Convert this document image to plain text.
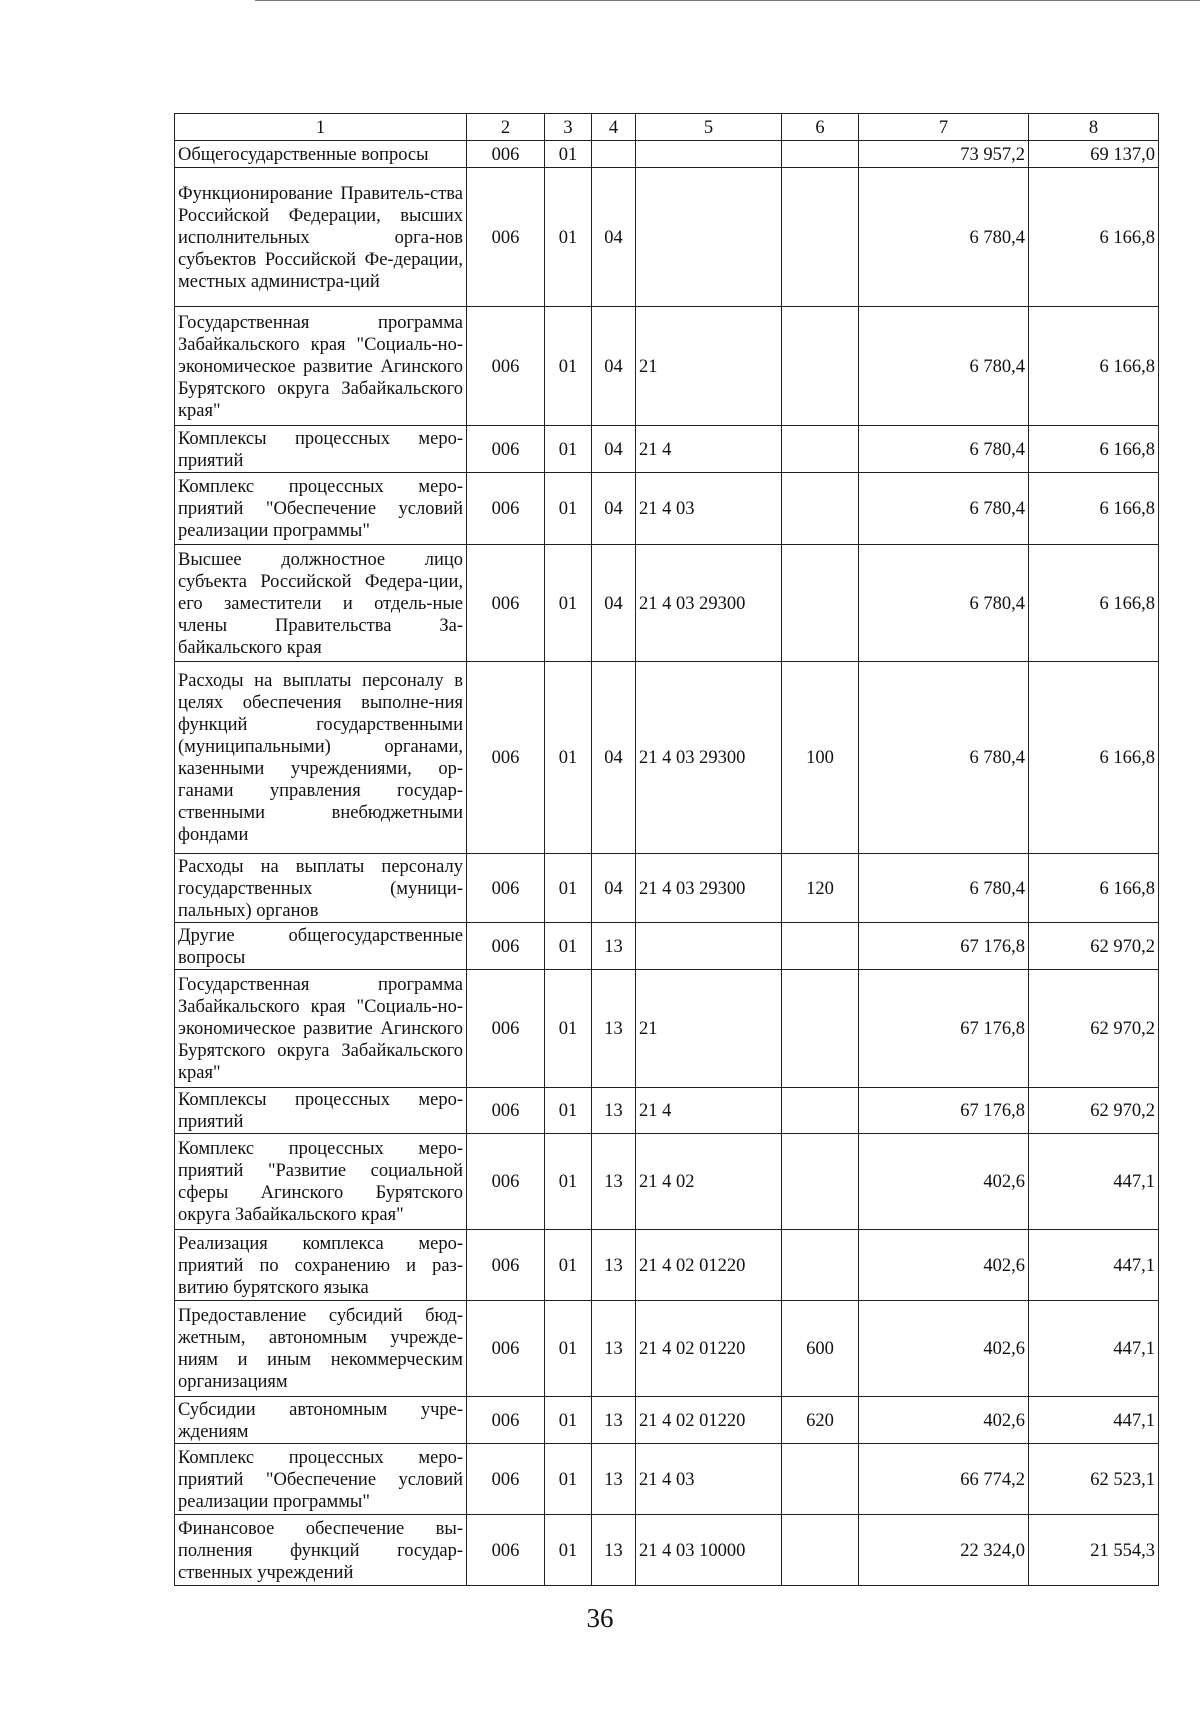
1	2	3	4	5	6	7	8
Общегосударственные вопросы	006	01				73 957,2	69 137,0
Функционирование Правитель-ства Российской Федерации, высших исполнительных орга-нов субъектов Российской Фе-дерации, местных администра-ций	006	01	04			6 780,4	6 166,8
Государственная программа Забайкальского края "Социаль-но-экономическое развитие Агинского Бурятского округа Забайкальского края"	006	01	04	21		6 780,4	6 166,8
Комплексы процессных меро-приятий	006	01	04	21 4		6 780,4	6 166,8
Комплекс процессных меро-приятий "Обеспечение условий реализации программы"	006	01	04	21 4 03		6 780,4	6 166,8
Высшее должностное лицо субъекта Российской Федера-ции, его заместители и отдель-ные члены Правительства За-байкальского края	006	01	04	21 4 03 29300		6 780,4	6 166,8
Расходы на выплаты персоналу в целях обеспечения выполне-ния функций государственными (муниципальными) органами, казенными учреждениями, ор-ганами управления государ-ственными внебюджетными фондами	006	01	04	21 4 03 29300	100	6 780,4	6 166,8
Расходы на выплаты персоналу государственных (муници-пальных) органов	006	01	04	21 4 03 29300	120	6 780,4	6 166,8
Другие общегосударственные вопросы	006	01	13			67 176,8	62 970,2
Государственная программа Забайкальского края "Социаль-но-экономическое развитие Агинского Бурятского округа Забайкальского края"	006	01	13	21		67 176,8	62 970,2
Комплексы процессных меро-приятий	006	01	13	21 4		67 176,8	62 970,2
Комплекс процессных меро-приятий "Развитие социальной сферы Агинского Бурятского округа Забайкальского края"	006	01	13	21 4 02		402,6	447,1
Реализация комплекса меро-приятий по сохранению и раз-витию бурятского языка	006	01	13	21 4 02 01220		402,6	447,1
Предоставление субсидий бюд-жетным, автономным учрежде-ниям и иным некоммерческим организациям	006	01	13	21 4 02 01220	600	402,6	447,1
Субсидии автономным учре-ждениям	006	01	13	21 4 02 01220	620	402,6	447,1
Комплекс процессных меро-приятий "Обеспечение условий реализации программы"	006	01	13	21 4 03		66 774,2	62 523,1
Финансовое обеспечение вы-полнения функций государ-ственных учреждений	006	01	13	21 4 03 10000		22 324,0	21 554,3
36
